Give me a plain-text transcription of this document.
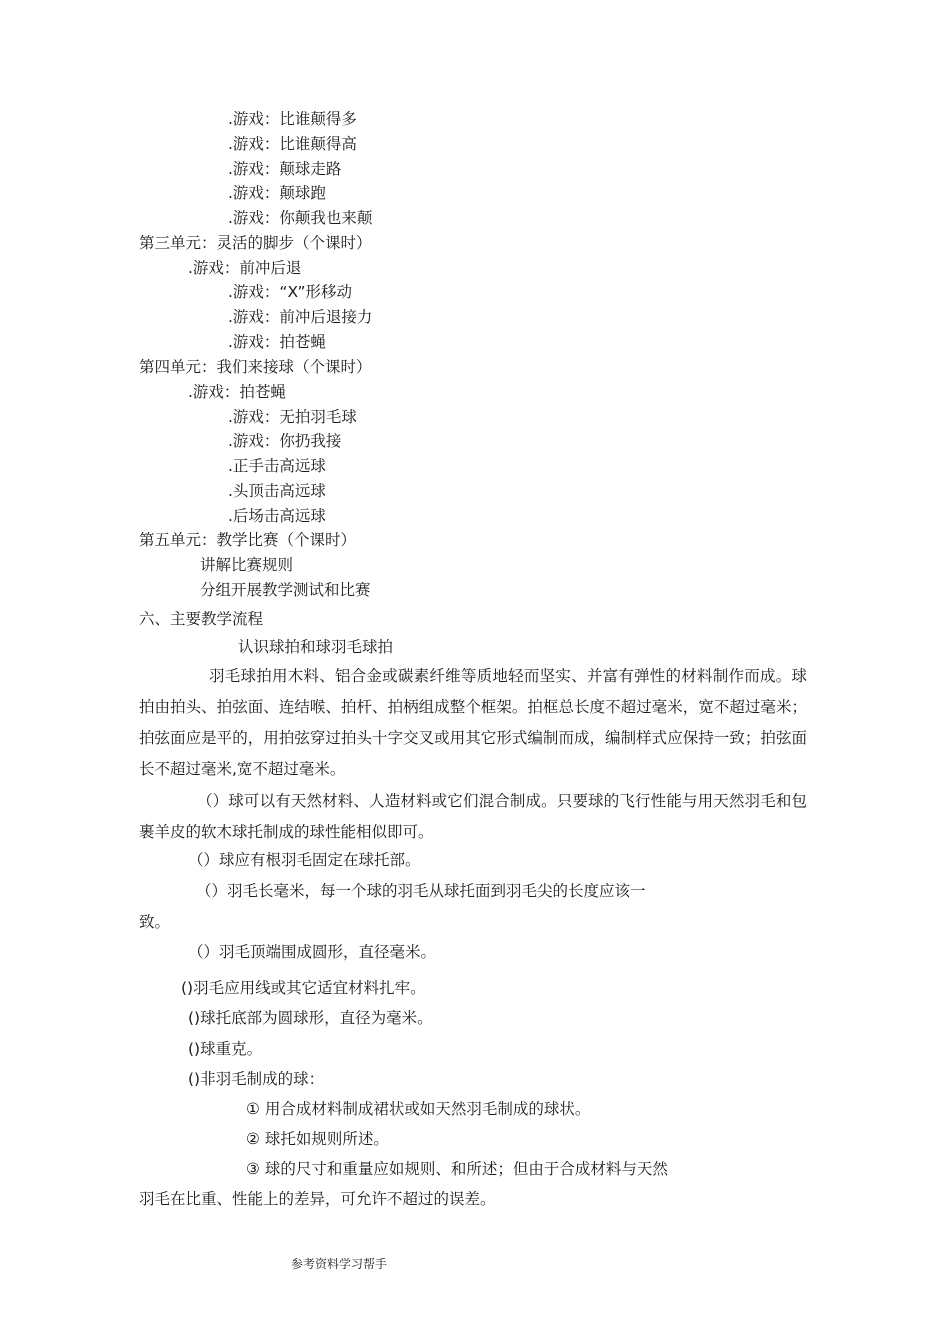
.游戏：比谁颠得多

.游戏：比谁颠得高

.游戏：颠球走路

.游戏：颠球跑

.游戏：你颠我也来颠

第三单元：灵活的脚步（个课时）

.游戏：前冲后退

.游戏：“X”形移动

.游戏：前冲后退接力

.游戏：拍苍蝇

第四单元：我们来接球（个课时）

.游戏：拍苍蝇

.游戏：无拍羽毛球

.游戏：你扔我接

.正手击高远球

.头顶击高远球

.后场击高远球

第五单元：教学比赛（个课时）

讲解比赛规则

分组开展教学测试和比赛

六、主要教学流程

认识球拍和球羽毛球拍

羽毛球拍用木料、铝合金或碳素纤维等质地轻而坚实、并富有弹性的材料制作而成。球拍由拍头、拍弦面、连结喉、拍杆、拍柄组成整个框架。拍框总长度不超过毫米，宽不超过毫米；拍弦面应是平的，用拍弦穿过拍头十字交叉或用其它形式编制而成，编制样式应保持一致；拍弦面长不超过毫米,宽不超过毫米。

（）球可以有天然材料、人造材料或它们混合制成。只要球的飞行性能与用天然羽毛和包裹羊皮的软木球托制成的球性能相似即可。

（）球应有根羽毛固定在球托部。

（）羽毛长毫米，每一个球的羽毛从球托面到羽毛尖的长度应该一

致。

（）羽毛顶端围成圆形，直径毫米。

()羽毛应用线或其它适宜材料扎牢。

()球托底部为圆球形，直径为毫米。

()球重克。

()非羽毛制成的球：

① 用合成材料制成裙状或如天然羽毛制成的球状。

② 球托如规则所述。

③ 球的尺寸和重量应如规则、和所述；但由于合成材料与天然

羽毛在比重、性能上的差异，可允许不超过的误差。

参考资料学习帮手
